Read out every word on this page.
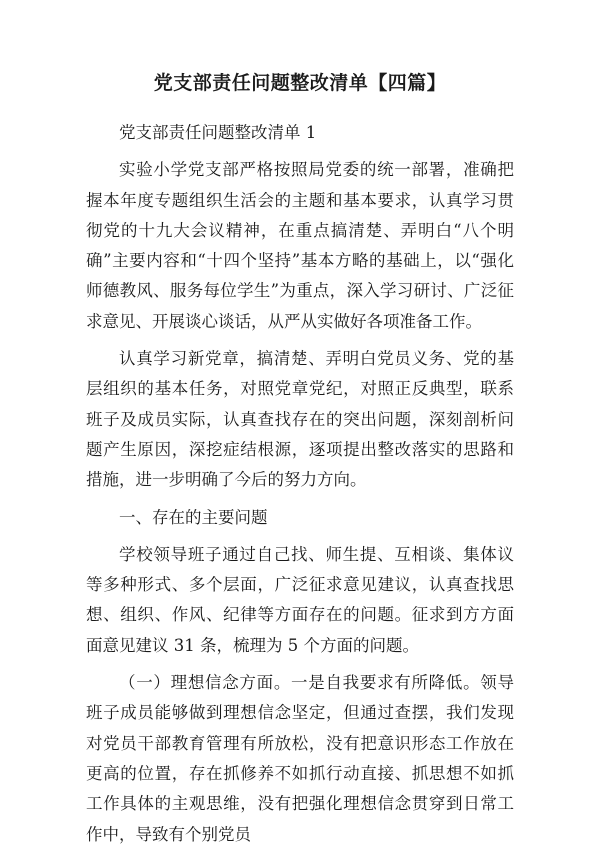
党支部责任问题整改清单【四篇】

党支部责任问题整改清单 1

实验小学党支部严格按照局党委的统一部署，准确把握本年度专题组织生活会的主题和基本要求，认真学习贯彻党的十九大会议精神，在重点搞清楚、弄明白“八个明确”主要内容和“十四个坚持”基本方略的基础上，以“强化师德教风、服务每位学生”为重点，深入学习研讨、广泛征求意见、开展谈心谈话，从严从实做好各项准备工作。

认真学习新党章，搞清楚、弄明白党员义务、党的基层组织的基本任务，对照党章党纪，对照正反典型，联系班子及成员实际，认真查找存在的突出问题，深刻剖析问题产生原因，深挖症结根源，逐项提出整改落实的思路和措施，进一步明确了今后的努力方向。

一、存在的主要问题

学校领导班子通过自己找、师生提、互相谈、集体议等多种形式、多个层面，广泛征求意见建议，认真查找思想、组织、作风、纪律等方面存在的问题。征求到方方面面意见建议 31 条，梳理为 5 个方面的问题。

（一）理想信念方面。一是自我要求有所降低。领导班子成员能够做到理想信念坚定，但通过查摆，我们发现对党员干部教育管理有所放松，没有把意识形态工作放在更高的位置，存在抓修养不如抓行动直接、抓思想不如抓工作具体的主观思维，没有把强化理想信念贯穿到日常工作中，导致有个别党员
